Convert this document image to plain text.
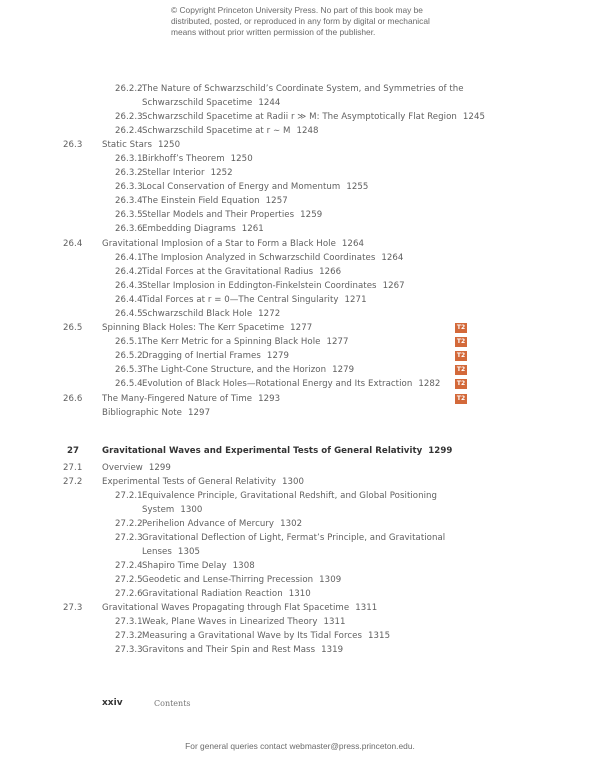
© Copyright Princeton University Press. No part of this book may be
distributed, posted, or reproduced in any form by digital or mechanical
means without prior written permission of the publisher.
26.2.2 The Nature of Schwarzschild’s Coordinate System, and Symmetries of the
Schwarzschild Spacetime 1244
26.2.3 Schwarzschild Spacetime at Radii r ≫ M: The Asymptotically Flat Region 1245
26.2.4 Schwarzschild Spacetime at r ∼ M 1248
26.3 Static Stars 1250
26.3.1 Birkhoff’s Theorem 1250
26.3.2 Stellar Interior 1252
26.3.3 Local Conservation of Energy and Momentum 1255
26.3.4 The Einstein Field Equation 1257
26.3.5 Stellar Models and Their Properties 1259
26.3.6 Embedding Diagrams 1261
26.4 Gravitational Implosion of a Star to Form a Black Hole 1264
26.4.1 The Implosion Analyzed in Schwarzschild Coordinates 1264
26.4.2 Tidal Forces at the Gravitational Radius 1266
26.4.3 Stellar Implosion in Eddington-Finkelstein Coordinates 1267
26.4.4 Tidal Forces at r = 0—The Central Singularity 1271
26.4.5 Schwarzschild Black Hole 1272
26.5 Spinning Black Holes: The Kerr Spacetime 1277	T2
26.5.1 The Kerr Metric for a Spinning Black Hole 1277	T2
26.5.2 Dragging of Inertial Frames 1279	T2
26.5.3 The Light-Cone Structure, and the Horizon 1279	T2
26.5.4 Evolution of Black Holes—Rotational Energy and Its Extraction 1282	T2
26.6 The Many-Fingered Nature of Time 1293	T2
Bibliographic Note 1297
27	Gravitational Waves and Experimental Tests of General Relativity 1299
27.1 Overview 1299
27.2 Experimental Tests of General Relativity 1300
27.2.1 Equivalence Principle, Gravitational Redshift, and Global Positioning
System 1300
27.2.2 Perihelion Advance of Mercury 1302
27.2.3 Gravitational Deflection of Light, Fermat’s Principle, and Gravitational
Lenses 1305
27.2.4 Shapiro Time Delay 1308
27.2.5 Geodetic and Lense-Thirring Precession 1309
27.2.6 Gravitational Radiation Reaction 1310
27.3 Gravitational Waves Propagating through Flat Spacetime 1311
27.3.1 Weak, Plane Waves in Linearized Theory 1311
27.3.2 Measuring a Gravitational Wave by Its Tidal Forces 1315
27.3.3 Gravitons and Their Spin and Rest Mass 1319
xxiv	Contents
For general queries contact webmaster@press.princeton.edu.
